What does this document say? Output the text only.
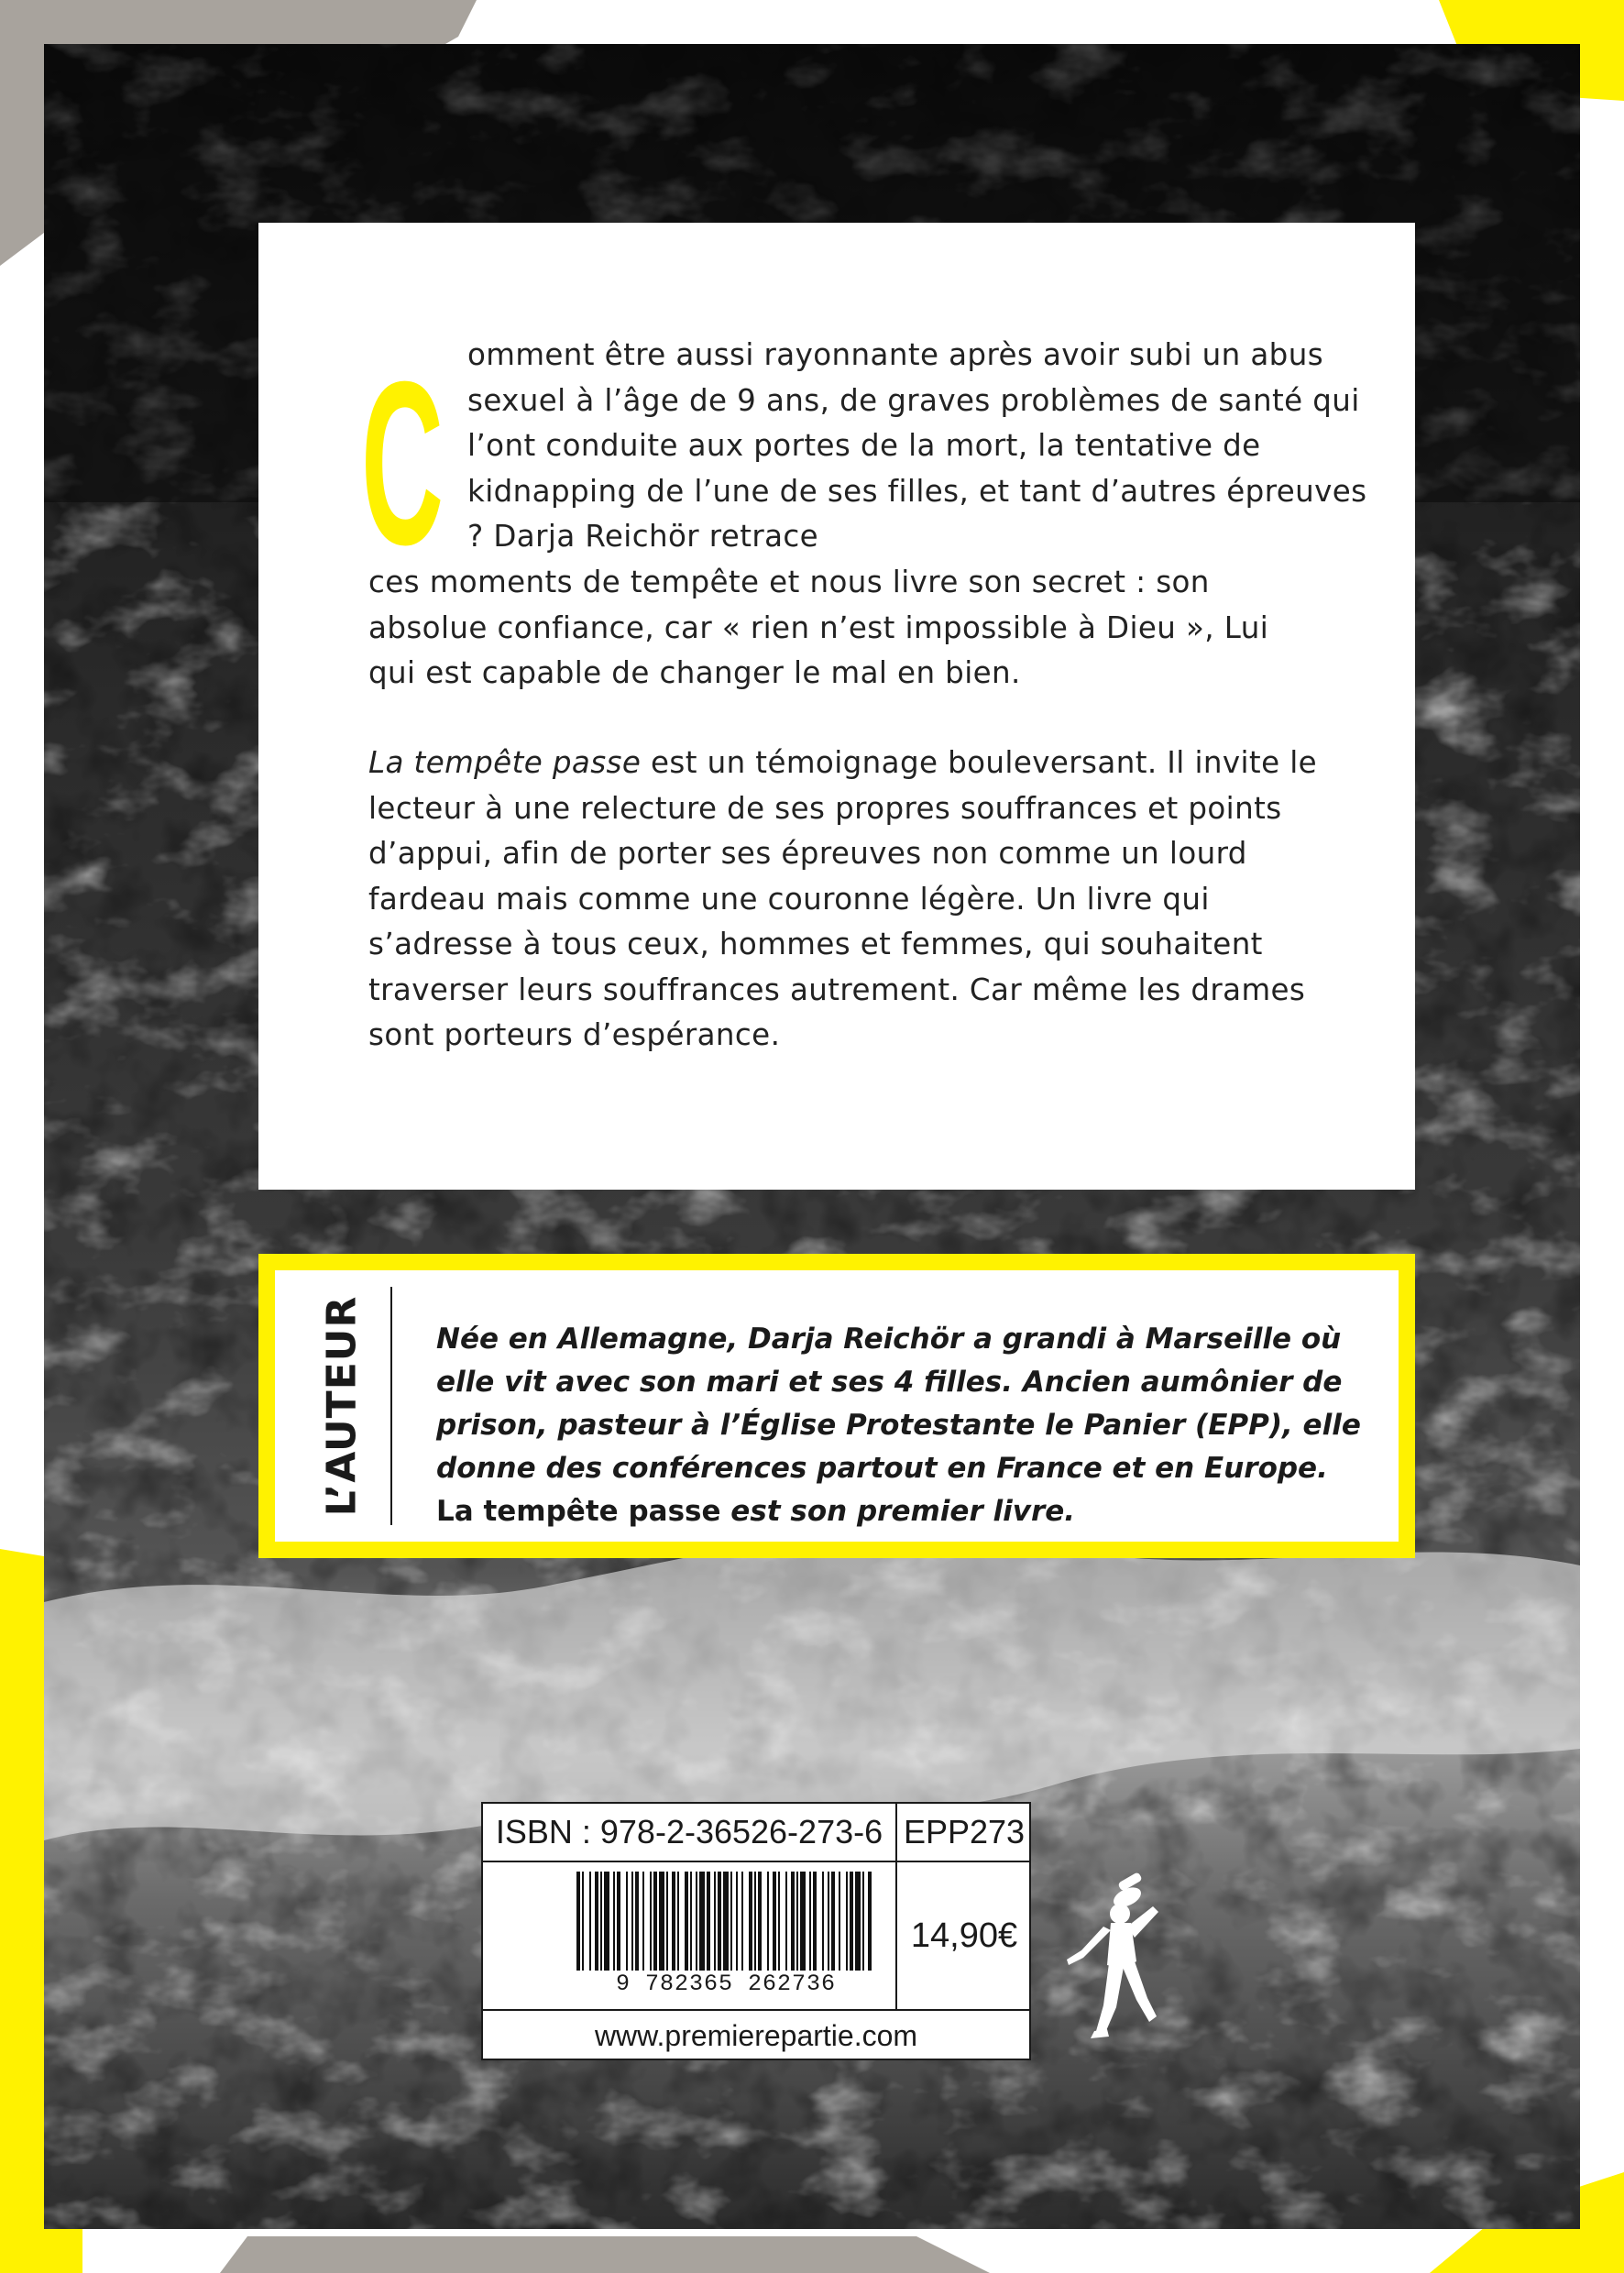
C omment être aussi rayonnante après avoir subi un abus sexuel à l’âge de 9 ans, de graves problèmes de santé qui l’ont conduite aux portes de la mort, la tentative de kidnapping de l’une de ses filles, et tant d’autres épreuves ? Darja Reichör retrace

ces moments de tempête et nous livre son secret : son absolue confiance, car « rien n’est impossible à Dieu », Lui qui est capable de changer le mal en bien.

La tempête passe est un témoignage bouleversant. Il invite le lecteur à une relecture de ses propres souffrances et points d’appui, afin de porter ses épreuves non comme un lourd fardeau mais comme une couronne légère. Un livre qui s’adresse à tous ceux, hommes et femmes, qui souhaitent traverser leurs souffrances autrement. Car même les drames sont porteurs d’espérance.

L’AUTEUR	Née en Allemagne, Darja Reichör a grandi à Marseille où elle vit avec son mari et ses 4 filles. Ancien aumônier de prison, pasteur à l’Église Protestante le Panier (EPP), elle donne des conférences partout en France et en Europe. La tempête passe est son premier livre.

ISBN : 978-2-36526-273-6 EPP273
9 782365 262736
14,90€
www.premierepartie.com
